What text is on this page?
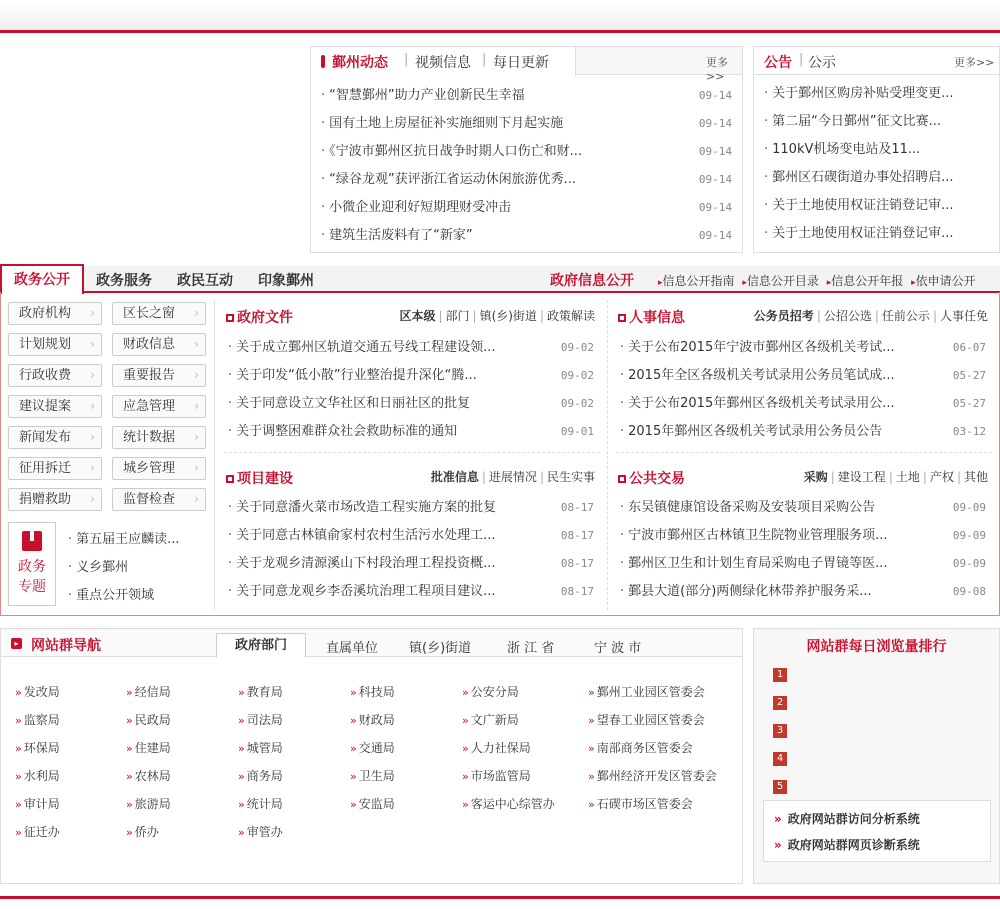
鄞州动态 | 视频信息 | 每日更新	更多>>
· “智慧鄞州”助力产业创新民生幸福	09-14
· 国有土地上房屋征补实施细则下月起实施	09-14
· 《宁波市鄞州区抗日战争时期人口伤亡和财...	09-14
· “绿谷龙观”获评浙江省运动休闲旅游优秀...	09-14
· 小微企业迎利好短期理财受冲击	09-14
· 建筑生活废料有了“新家”	09-14
公告 | 公示	更多>>
· 关于鄞州区购房补贴受理变更...
· 第二届“今日鄞州”征文比赛...
· 110kV机场变电站及11...
· 鄞州区石碶街道办事处招聘启...
· 关于土地使用权证注销登记审...
· 关于土地使用权证注销登记审...
政务公开	政务服务 政民互动 印象鄞州	政府信息公开	▸信息公开指南 ▸信息公开目录 ▸信息公开年报 ▸依申请公开
政府机构 ›	区长之窗 ›
计划规划 ›	财政信息 ›
行政收费 ›	重要报告 ›
建议提案 ›	应急管理 ›
新闻发布 ›	统计数据 ›
征用拆迁 ›	城乡管理 ›
捐赠救助 ›	监督检查 ›
政务
专题
· 第五届王应麟读...
· 义乡鄞州
· 重点公开领域
政府文件	区本级 | 部门 | 镇(乡)街道 | 政策解读
· 关于成立鄞州区轨道交通五号线工程建设领...	09-02
· 关于印发“低小散”行业整治提升深化“腾...	09-02
· 关于同意设立文华社区和日丽社区的批复	09-02
· 关于调整困难群众社会救助标准的通知	09-01
人事信息	公务员招考 | 公招公选 | 任前公示 | 人事任免
· 关于公布2015年宁波市鄞州区各级机关考试...	06-07
· 2015年全区各级机关考试录用公务员笔试成...	05-27
· 关于公布2015年鄞州区各级机关考试录用公...	05-27
· 2015年鄞州区各级机关考试录用公务员公告	03-12
项目建设	批准信息 | 进展情况 | 民生实事
· 关于同意潘火菜市场改造工程实施方案的批复	08-17
· 关于同意古林镇俞家村农村生活污水处理工...	08-17
· 关于龙观乡清源溪山下村段治理工程投资概...	08-17
· 关于同意龙观乡李岙溪坑治理工程项目建议...	08-17
公共交易	采购 | 建设工程 | 土地 | 产权 | 其他
· 东吴镇健康馆设备采购及安装项目采购公告	09-09
· 宁波市鄞州区古林镇卫生院物业管理服务项...	09-09
· 鄞州区卫生和计划生育局采购电子胃镜等医...	09-09
· 鄞县大道(部分)两侧绿化林带养护服务采...	09-08
▸ 网站群导航	政府部门	直属单位 镇(乡)街道	浙 江 省	宁 波 市
» 发改局	» 经信局	» 教育局	» 科技局	» 公安分局	» 鄞州工业园区管委会
» 监察局	» 民政局	» 司法局	» 财政局	» 文广新局	» 望春工业园区管委会
» 环保局	» 住建局	» 城管局	» 交通局	» 人力社保局	» 南部商务区管委会
» 水利局	» 农林局	» 商务局	» 卫生局	» 市场监管局	» 鄞州经济开发区管委会
» 审计局	» 旅游局	» 统计局	» 安监局	» 客运中心综管办	» 石碶市场区管委会
» 征迁办	» 侨办	» 审管办
网站群每日浏览量排行
1
2
3
4
5
» 政府网站群访问分析系统
» 政府网站群网页诊断系统
